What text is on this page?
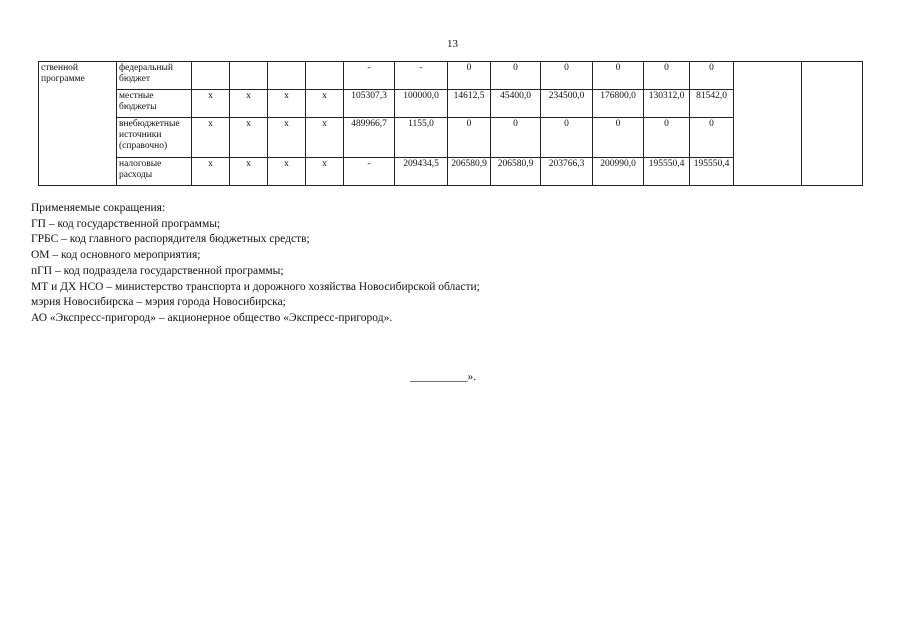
13
ственной программе	федеральный бюджет					-	-	0	0	0	0	0	0		
	местные бюджеты	x	x	x	x	105307,3	100000,0	14612,5	45400,0	234500,0	176800,0	130312,0	81542,0		
	внебюджетные источники (справочно)	x	x	x	x	489966,7	1155,0	0	0	0	0	0	0		
	налоговые расходы	x	x	x	x	-	209434,5	206580,9	206580,9	203766,3	200990,0	195550,4	195550,4		
Применяемые сокращения:
ГП – код государственной программы;
ГРБС – код главного распорядителя бюджетных средств;
ОМ – код основного мероприятия;
пГП – код подраздела государственной программы;
МТ и ДХ НСО – министерство транспорта и дорожного хозяйства Новосибирской области;
мэрия Новосибирска – мэрия города Новосибирска;
АО «Экспресс-пригород» – акционерное общество «Экспресс-пригород».
__________».
